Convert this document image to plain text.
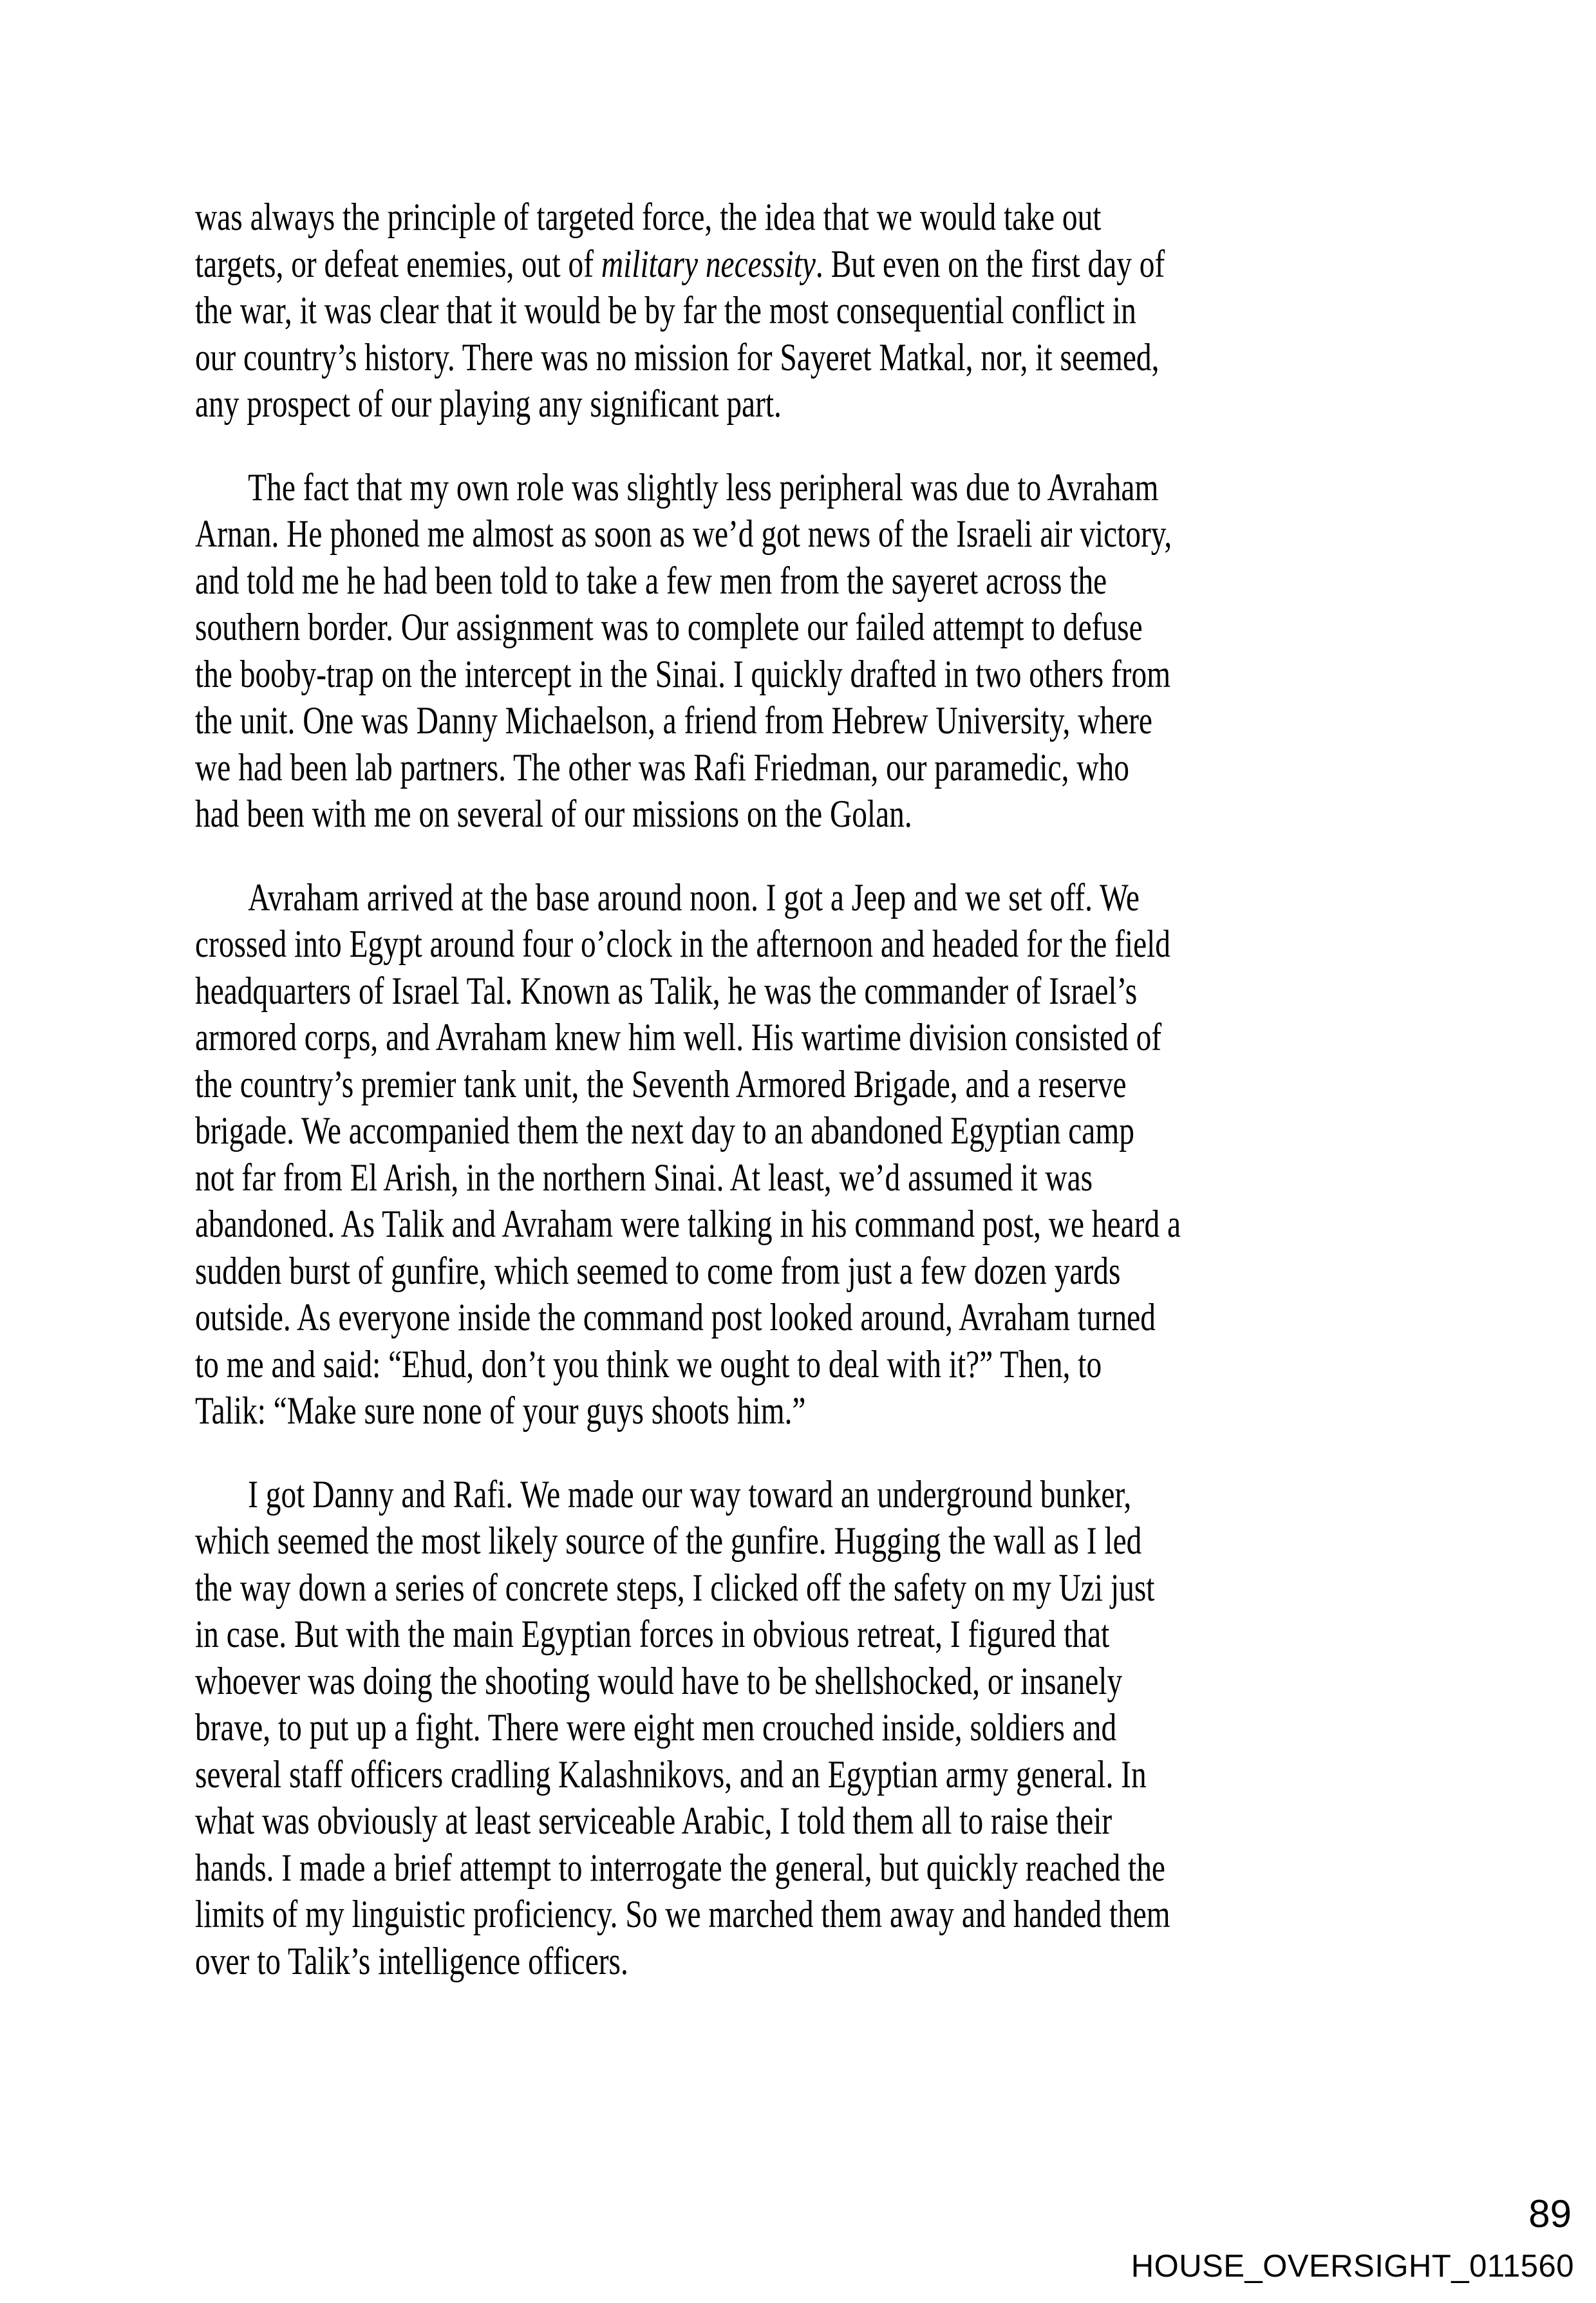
was always the principle of targeted force, the idea that we would take out
targets, or defeat enemies, out of military necessity. But even on the first day of
the war, it was clear that it would be by far the most consequential conflict in
our country’s history. There was no mission for Sayeret Matkal, nor, it seemed,
any prospect of our playing any significant part.
The fact that my own role was slightly less peripheral was due to Avraham
Arnan. He phoned me almost as soon as we’d got news of the Israeli air victory,
and told me he had been told to take a few men from the sayeret across the
southern border. Our assignment was to complete our failed attempt to defuse
the booby-trap on the intercept in the Sinai. I quickly drafted in two others from
the unit. One was Danny Michaelson, a friend from Hebrew University, where
we had been lab partners. The other was Rafi Friedman, our paramedic, who
had been with me on several of our missions on the Golan.
Avraham arrived at the base around noon. I got a Jeep and we set off. We
crossed into Egypt around four o’clock in the afternoon and headed for the field
headquarters of Israel Tal. Known as Talik, he was the commander of Israel’s
armored corps, and Avraham knew him well. His wartime division consisted of
the country’s premier tank unit, the Seventh Armored Brigade, and a reserve
brigade. We accompanied them the next day to an abandoned Egyptian camp
not far from El Arish, in the northern Sinai. At least, we’d assumed it was
abandoned. As Talik and Avraham were talking in his command post, we heard a
sudden burst of gunfire, which seemed to come from just a few dozen yards
outside. As everyone inside the command post looked around, Avraham turned
to me and said: “Ehud, don’t you think we ought to deal with it?” Then, to
Talik: “Make sure none of your guys shoots him.”
I got Danny and Rafi. We made our way toward an underground bunker,
which seemed the most likely source of the gunfire. Hugging the wall as I led
the way down a series of concrete steps, I clicked off the safety on my Uzi just
in case. But with the main Egyptian forces in obvious retreat, I figured that
whoever was doing the shooting would have to be shellshocked, or insanely
brave, to put up a fight. There were eight men crouched inside, soldiers and
several staff officers cradling Kalashnikovs, and an Egyptian army general. In
what was obviously at least serviceable Arabic, I told them all to raise their
hands. I made a brief attempt to interrogate the general, but quickly reached the
limits of my linguistic proficiency. So we marched them away and handed them
over to Talik’s intelligence officers.
89
HOUSE_OVERSIGHT_011560
